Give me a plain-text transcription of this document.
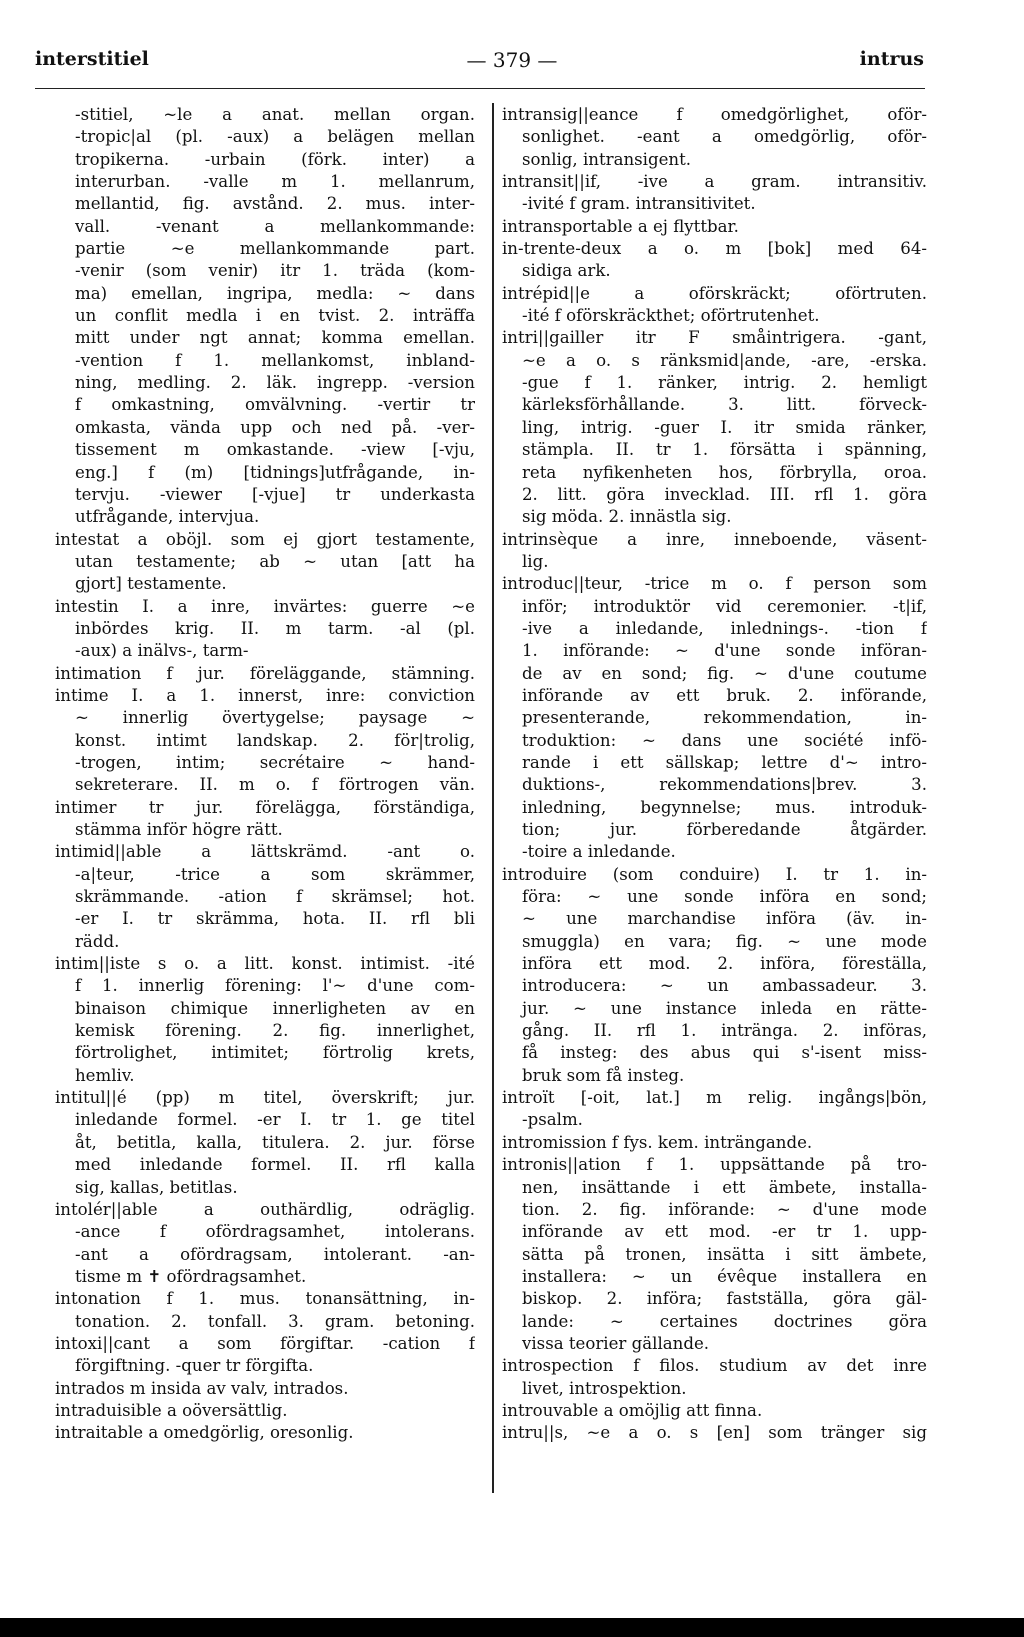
— 379 —
interstitiel	intrus
-stitiel, ~le a anat. mellan organ.
-tropic|al (pl. -aux) a belägen mellan
tropikerna. -urbain (förk. inter) a
interurban. -valle m 1. mellanrum,
mellantid, fig. avstånd. 2. mus. inter-
vall. -venant a mellankommande:
partie ~e mellankommande part.
-venir (som venir) itr 1. träda (kom-
ma) emellan, ingripa, medla: ~ dans
un conflit medla i en tvist. 2. inträffa
mitt under ngt annat; komma emellan.
-vention f 1. mellankomst, inbland-
ning, medling. 2. läk. ingrepp. -version
f omkastning, omvälvning. -vertir tr
omkasta, vända upp och ned på. -ver-
tissement m omkastande. -view [-vju,
eng.] f (m) [tidnings]utfrågande, in-
tervju. -viewer [-vjue] tr underkasta
utfrågande, intervjua.
intestat a oböjl. som ej gjort testamente,
utan testamente; ab ~ utan [att ha
gjort] testamente.
intestin I. a inre, invärtes: guerre ~e
inbördes krig. II. m tarm. -al (pl.
-aux) a inälvs-, tarm-
intimation f jur. föreläggande, stämning.
intime I. a 1. innerst, inre: conviction
~ innerlig övertygelse; paysage ~
konst. intimt landskap. 2. för|trolig,
-trogen, intim; secrétaire ~ hand-
sekreterare. II. m o. f förtrogen vän.
intimer tr jur. förelägga, förständiga,
stämma inför högre rätt.
intimid||able a lättskrämd. -ant o.
-a|teur, -trice a som skrämmer,
skrämmande. -ation f skrämsel; hot.
-er I. tr skrämma, hota. II. rfl bli
rädd.
intim||iste s o. a litt. konst. intimist. -ité
f 1. innerlig förening: l'~ d'une com-
binaison chimique innerligheten av en
kemisk förening. 2. fig. innerlighet,
förtrolighet, intimitet; förtrolig krets,
hemliv.
intitul||é (pp) m titel, överskrift; jur.
inledande formel. -er I. tr 1. ge titel
åt, betitla, kalla, titulera. 2. jur. förse
med inledande formel. II. rfl kalla
sig, kallas, betitlas.
intolér||able a outhärdlig, odräglig.
-ance f ofördragsamhet, intolerans.
-ant a ofördragsam, intolerant. -an-
tisme m ✝ ofördragsamhet.
intonation f 1. mus. tonansättning, in-
tonation. 2. tonfall. 3. gram. betoning.
intoxi||cant a som förgiftar. -cation f
förgiftning. -quer tr förgifta.
intrados m insida av valv, intrados.
intraduisible a oöversättlig.
intraitable a omedgörlig, oresonlig.
intransig||eance f omedgörlighet, oför-
sonlighet. -eant a omedgörlig, oför-
sonlig, intransigent.
intransit||if, -ive a gram. intransitiv.
-ivité f gram. intransitivitet.
intransportable a ej flyttbar.
in-trente-deux a o. m [bok] med 64-
sidiga ark.
intrépid||e a oförskräckt; oförtruten.
-ité f oförskräckthet; oförtrutenhet.
intri||gailler itr F småintrigera. -gant,
~e a o. s ränksmid|ande, -are, -erska.
-gue f 1. ränker, intrig. 2. hemligt
kärleksförhållande. 3. litt. förveck-
ling, intrig. -guer I. itr smida ränker,
stämpla. II. tr 1. försätta i spänning,
reta nyfikenheten hos, förbrylla, oroa.
2. litt. göra invecklad. III. rfl 1. göra
sig möda. 2. innästla sig.
intrinsèque a inre, inneboende, väsent-
lig.
introduc||teur, -trice m o. f person som
inför; introduktör vid ceremonier. -t|if,
-ive a inledande, inlednings-. -tion f
1. införande: ~ d'une sonde införan-
de av en sond; fig. ~ d'une coutume
införande av ett bruk. 2. införande,
presenterande, rekommendation, in-
troduktion: ~ dans une société infö-
rande i ett sällskap; lettre d'~ intro-
duktions-, rekommendations|brev. 3.
inledning, begynnelse; mus. introduk-
tion; jur. förberedande åtgärder.
-toire a inledande.
introduire (som conduire) I. tr 1. in-
föra: ~ une sonde införa en sond;
~ une marchandise införa (äv. in-
smuggla) en vara; fig. ~ une mode
införa ett mod. 2. införa, föreställa,
introducera: ~ un ambassadeur. 3.
jur. ~ une instance inleda en rätte-
gång. II. rfl 1. intränga. 2. införas,
få insteg: des abus qui s'-isent miss-
bruk som få insteg.
introït [-oit, lat.] m relig. ingångs|bön,
-psalm.
intromission f fys. kem. inträngande.
intronis||ation f 1. uppsättande på tro-
nen, insättande i ett ämbete, installa-
tion. 2. fig. införande: ~ d'une mode
införande av ett mod. -er tr 1. upp-
sätta på tronen, insätta i sitt ämbete,
installera: ~ un évêque installera en
biskop. 2. införa; fastställa, göra gäl-
lande: ~ certaines doctrines göra
vissa teorier gällande.
introspection f filos. studium av det inre
livet, introspektion.
introuvable a omöjlig att finna.
intru||s, ~e a o. s [en] som tränger sig
